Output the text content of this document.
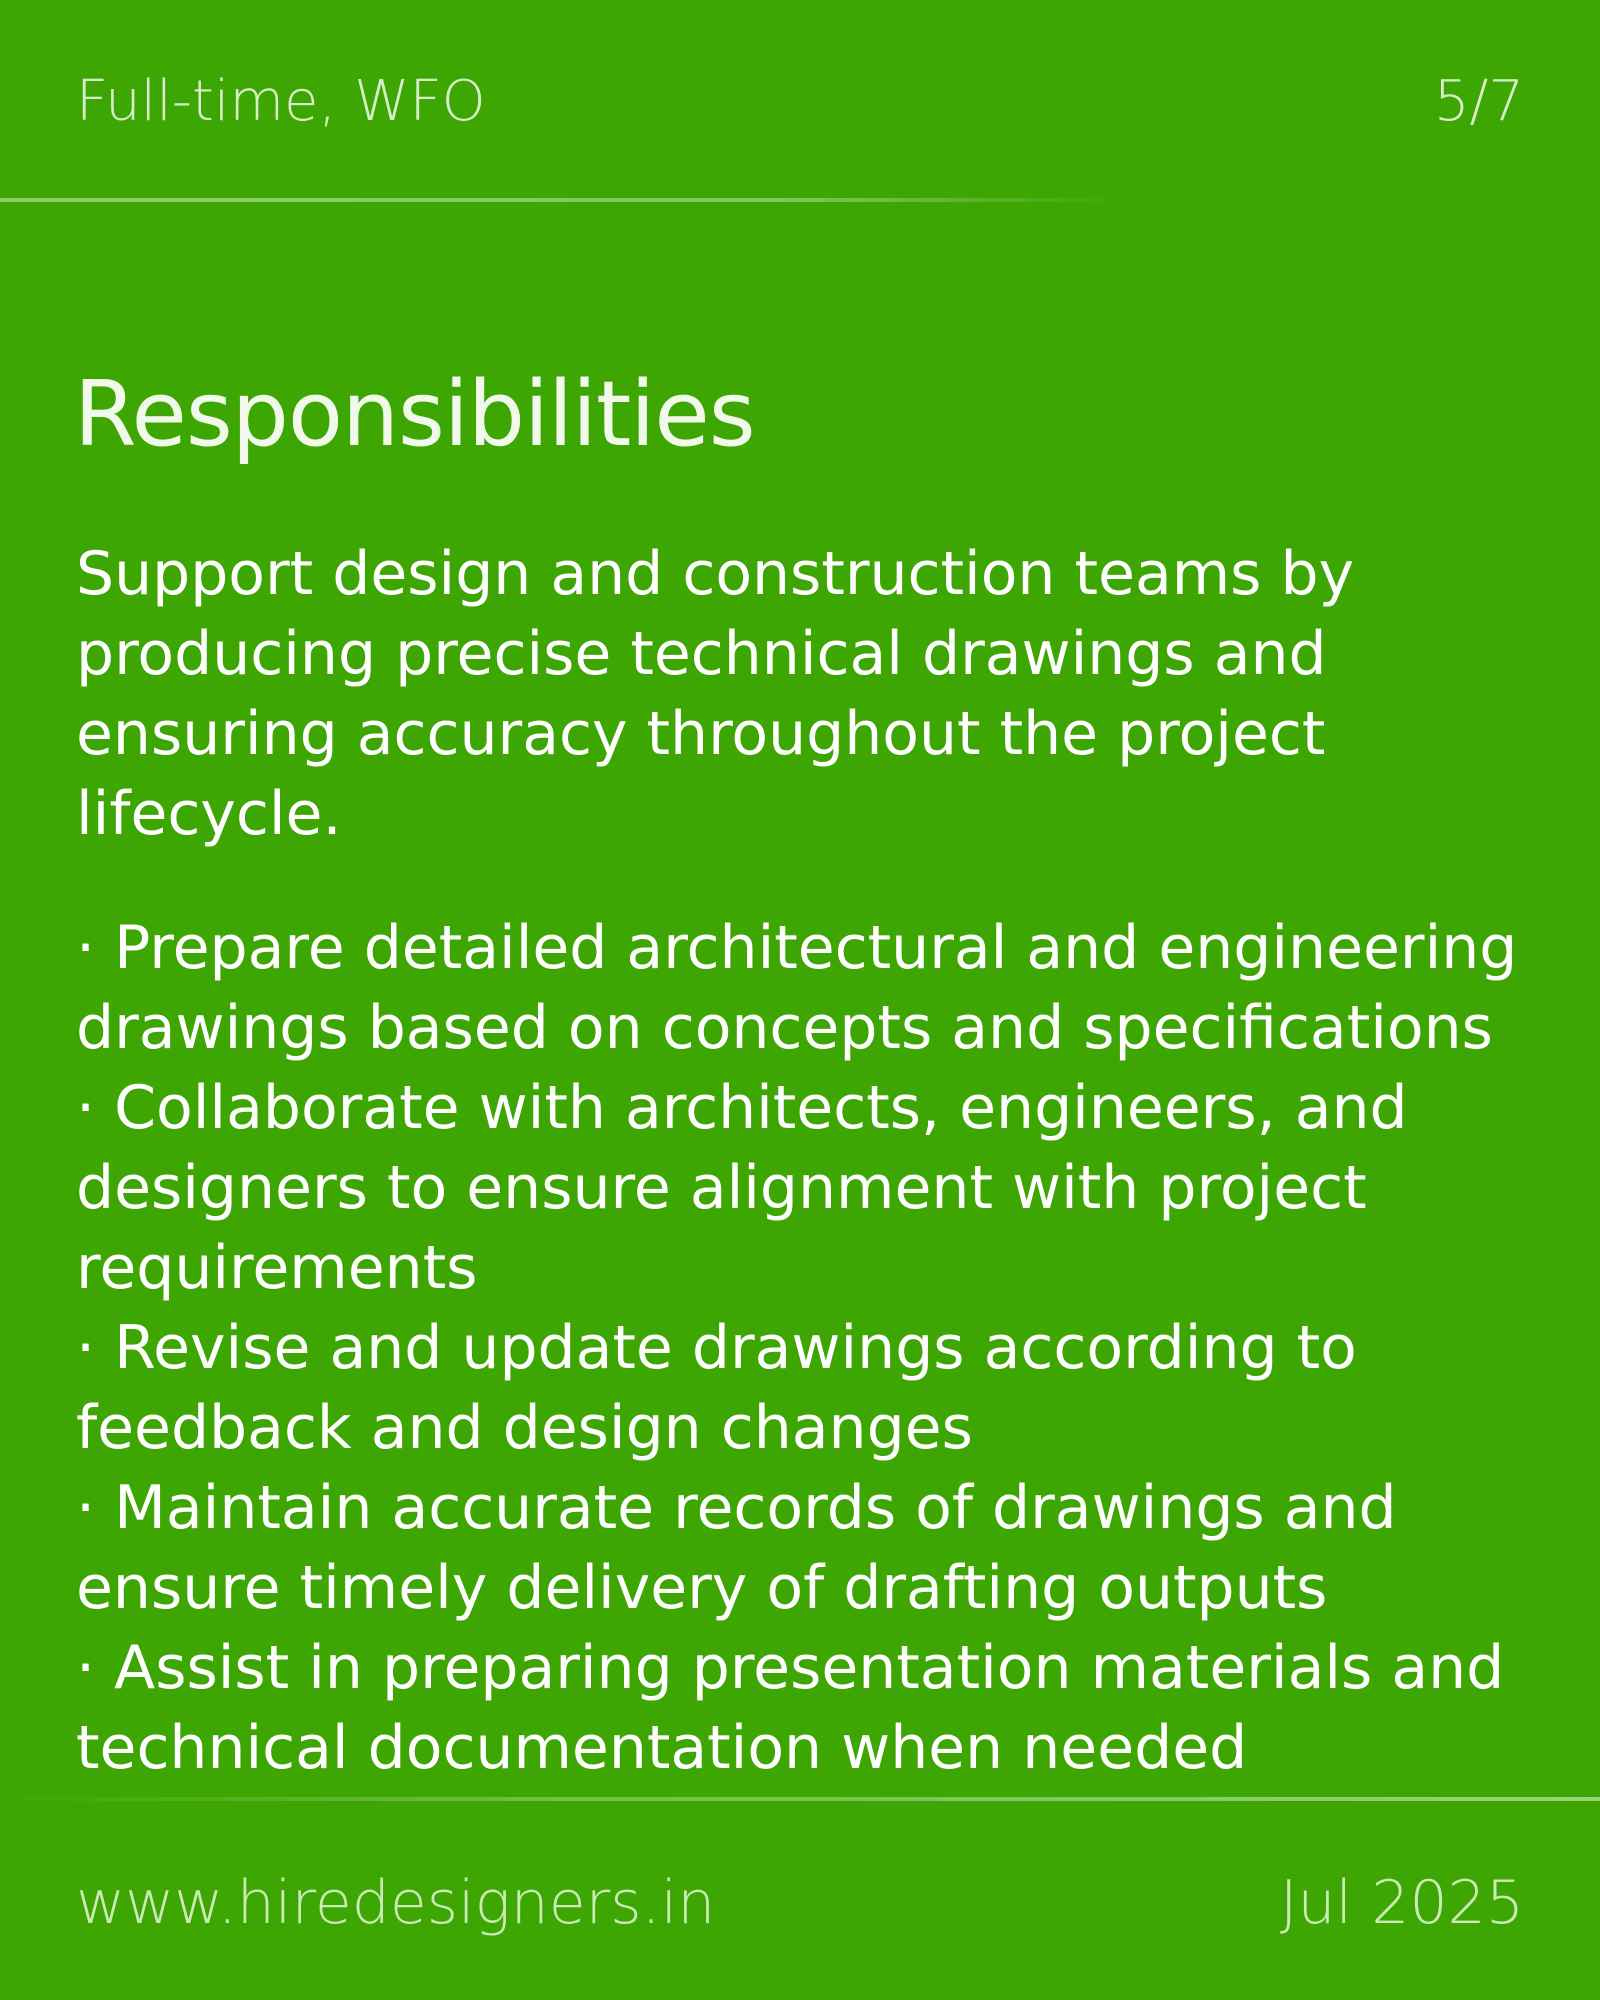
Full-time, WFO	5/7
Responsibilities

Support design and construction teams by producing precise technical drawings and ensuring accuracy throughout the project lifecycle.

· Prepare detailed architectural and engineering drawings based on concepts and specifications
· Collaborate with architects, engineers, and designers to ensure alignment with project requirements
· Revise and update drawings according to feedback and design changes
· Maintain accurate records of drawings and ensure timely delivery of drafting outputs
· Assist in preparing presentation materials and technical documentation when needed
www.hiredesigners.in	Jul 2025
